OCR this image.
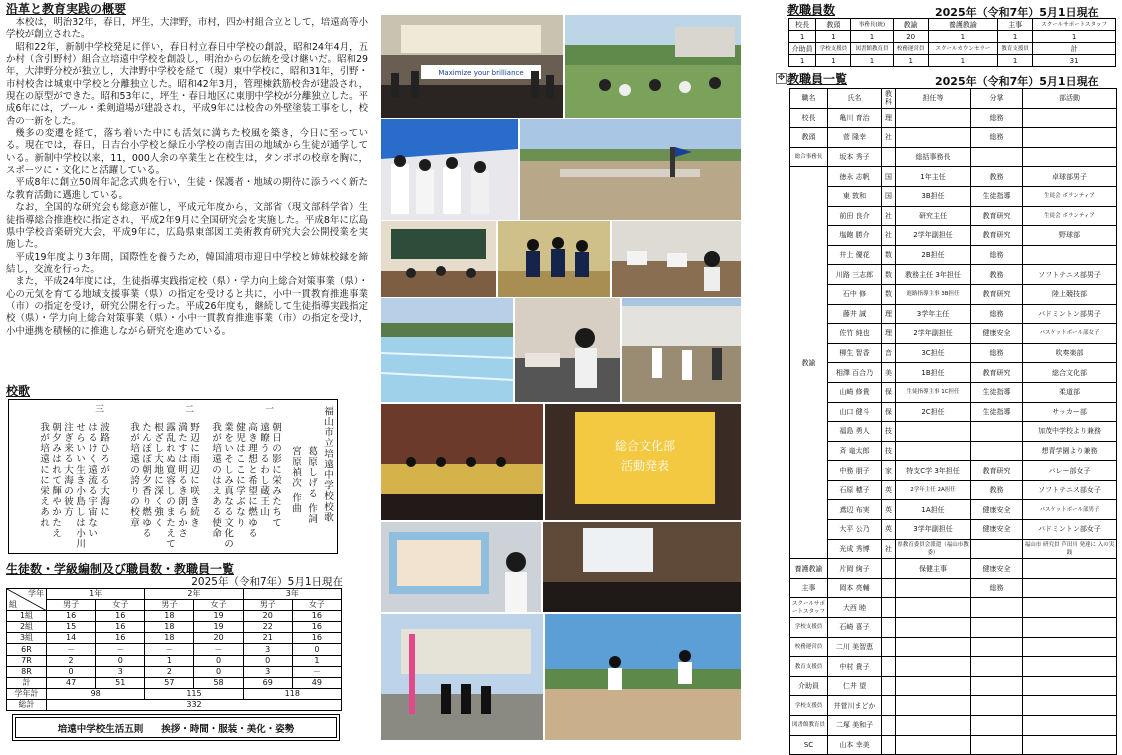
沿革と教育実践の概要

本校は，明治32年，春日，坪生，大津野，市村，四か村組合立として，培遠高等小学校が創立された。

昭和22年，新制中学校発足に伴い，春日村立春日中学校の創設，昭和24年4月，五か村（含引野村）組合立培遠中学校を創設し，明治からの伝統を受け継いだ。昭和29年，大津野分校が独立し，大津野中学校を経て（現）東中学校に，昭和31年，引野・市村校舎は城東中学校と分離独立した。昭和42年3月，管理棟鉄筋校舎が建設され，現在の原型ができた。昭和53年に，坪生・春日地区に東朋中学校が分離独立した。平成6年には，プール・柔剣道場が建設され，平成9年には校舎の外壁塗装工事をし，校舎の一新をした。

幾多の変遷を経て，落ち着いた中にも活気に満ちた校風を築き，今日に至っている。現在では，春日，日吉台小学校と緑丘小学校の南吉田の地域から生徒が通学している。新制中学校以来，11，000人余の卒業生と在校生は，タンポポの校章を胸に，スポーツに・文化にと活躍している。

平成8年に創立50周年記念式典を行い，生徒・保護者・地域の期待に添うべく新たな教育活動に邁進している。

なお，全国的な研究会も総意が催し，平成元年度から，文部省（現文部科学省）生徒指導総合推進校に指定され，平成2年9月に全国研究会を実施した。平成8年に広島県中学校音楽研究大会，平成9年に，広島県東部図工美術教育研究大会公開授業を実施した。

平成19年度より3年間，国際性を養うため，韓国浦項市迎日中学校と姉妹校縁を締結し，交流を行った。

また，平成24年度には，生徒指導実践指定校（県）・学力向上総合対策事業（県）・心の元気を育てる地域支援事業（県）の指定を受けると共に，小中一貫教育推進事業（市）の指定を受け，研究公開を行った。平成26年度も，継続して生徒指導実践指定校（県）・学力向上総合対策事業（県）・小中一貫教育推進事業（市）の指定を受け，小中連携を積極的に推進しながら研究を進めている。

校歌
福山市立培遠中学校校歌
葛原しげる 作詞
宮原禎次 作曲
一
二
三
朝日の影に栄みたちて
遠瞭うるわし蔵王山
高き理想と希望に燃ゆる
健児はここに学ぶなり
業をいそしみ真なる文化の
我が培遠のはえある使命
野辺に雨辺に咲き続き
満たすは明るき朗らかさ
露乱れぬ寛容しのまたえて
根ざし大地に深く強く
たんぽぽ朝夕香り燃ゆる
我が培遠の誇りの校章
波路ひろがる大海に
はるけく遠流る宇宙ない
せらいい生き小島しは小川
注ぎ来る大海の彼方
朝夕みはれて輝やかたえ
我が培遠にに栄えあれ
生徒数・学級編制及び職員数・教職員一覧
2025年（令和7年）5月1日現在
学年
組	1年		2年		3年	
	男子	女子	男子	女子	男子	女子
1組	16	16	18	19	20	16
2組	15	16	18	19	22	16
3組	14	16	18	20	21	16
6R	－	－	－	－	3	0
7R	2	0	1	0	0	1
8R	0	3	2	0	3	－
計	47	51	57	58	69	49
学年計	98		115		118	
総計	332					
培遠中学校生活五則 挨拶・時間・服装・美化・姿勢
Maximize your brilliance
総合文化部
活動発表
教職員数	2025年（令和7年）5月1日現在
校長	教頭	事務長(統)	教諭	養護教諭	主事	スクールサポートスタッフ
1	1	1	20	1	1	1
介助員	学校支援員	図書館教育員	校務運営員	スクールカウンセラー	教育支援員	計
1	1	1	1	1	1	31
✥ 教職員一覧	2025年（令和7年）5月1日現在
職名	氏名	教科	担任等	分掌	部活動
校長	亀川 育治	理		総務	
教頭	菅 隆幸	社		総務	
総合事務長	坂本 秀子		総括事務長		
教諭	徳永 志帆	国	1年主任	教務	卓球部男子
	東 敦和	国	3B担任	生徒指導	生徒会 ボランティア
	前田 良介	社	研究主任	教育研究	生徒会 ボランティア
	塩飽 勝介	社	2学年副担任	教育研究	野球部
	井上 優花	数	2B担任	総務	
	川路 三志郎	数	教務主任 3年担任	教務	ソフトテニス部男子
	石中 修	数	進路指導主事 3B担任	教育研究	陸上競技部
	藤井 誠	理	3学年主任	総務	バドミントン部男子
	佐竹 純也	理	2学年副担任	健康安全	バスケットボール部女子
	柳生 智香	音	3C担任	総務	吹奏楽部
	相澤 百合乃	美	1B担任	教育研究	総合文化部
	山崎 修貴	保	生徒指導主事 1C担任	生徒指導	柔道部
	山口 健斗	保	2C担任	生徒指導	サッカー部
	福島 勇人	技			加茂中学校より兼務
	斉 竜太郎	技			想青学園より兼務
	中務 朋子	家	特支C学 3年担任	教育研究	バレー部女子
	石原 穂子	英	2学年主任 2A担任	教務	ソフトテニス部女子
	鳶辺 布実	英	1A担任	健康安全	バスケットボール部男子
	大平 公乃	英	3学年副担任	健康安全	バドミントン部女子
	光成 秀博	社	県教育委員会派遣（福山市教委）		福山市 研究員 芦田川 発達に 入の実践
養護教諭	片岡 絢子		保健主事	健康安全	
主事	岡本 亮輔			総務	
スクールサポートスタッフ	大西 睦				
学校支援員	石崎 喜子				
校務運営員	二川 美智恵				
教育支援員	中村 貴子				
介助員	仁井 望				
学校支援員	井菅川まどか				
図書館教育員	二塚 美和子				
SC	山本 幸美				
